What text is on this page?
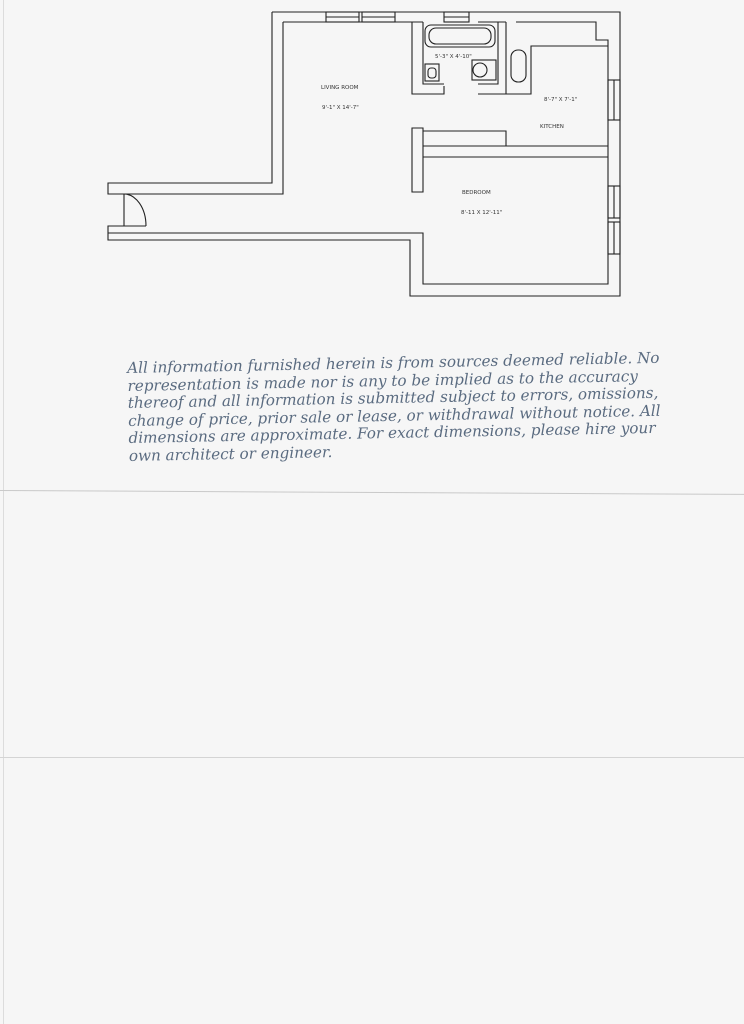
LIVING ROOM
9'-1" X 14'-7"
5'-3" X 4'-10"
8'-7" X 7'-1"
KITCHEN
BEDROOM
8'-11 X 12'-11"
All information furnished herein is from sources deemed reliable. No representation is made nor is any to be implied as to the accuracy thereof and all information is submitted subject to errors, omissions, change of price, prior sale or lease, or withdrawal without notice. All dimensions are approximate. For exact dimensions, please hire your own architect or engineer.
